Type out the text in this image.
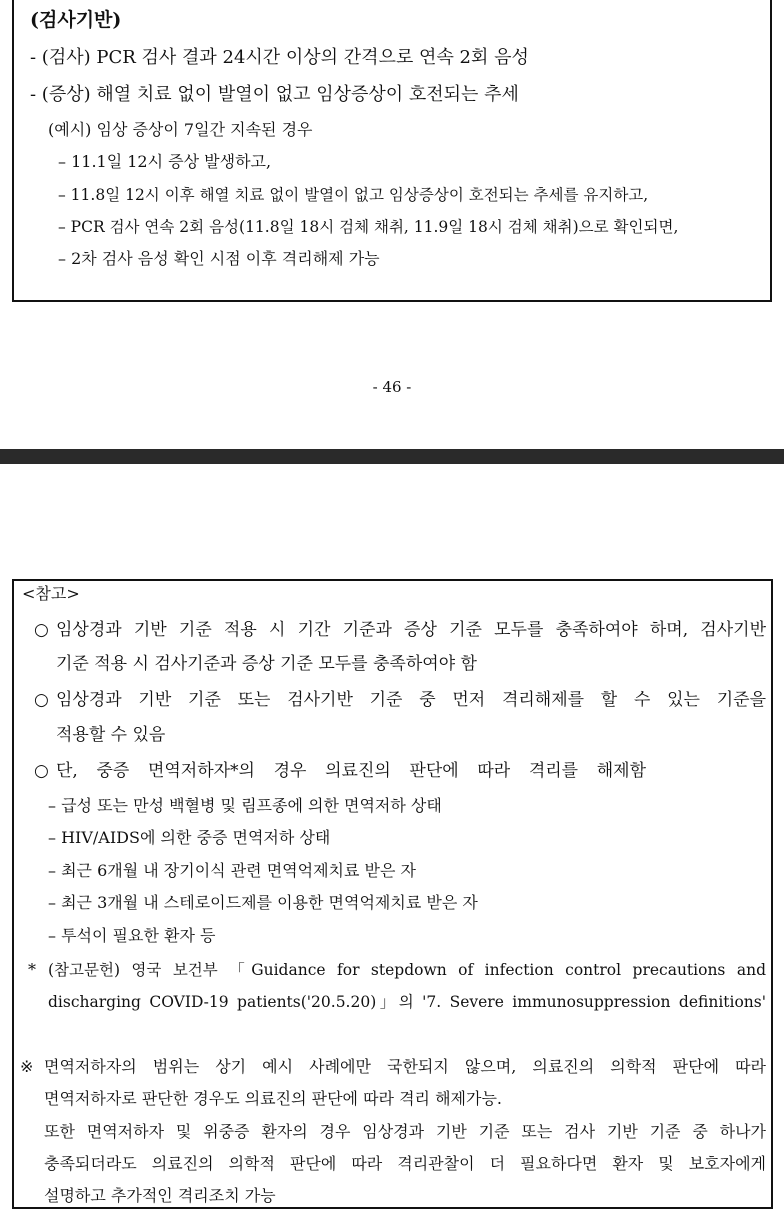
(검사기반)
- (검사) PCR 검사 결과 24시간 이상의 간격으로 연속 2회 음성
- (증상) 해열 치료 없이 발열이 없고 임상증상이 호전되는 추세
(예시) 임상 증상이 7일간 지속된 경우
– 11.1일 12시 증상 발생하고,
– 11.8일 12시 이후 해열 치료 없이 발열이 없고 임상증상이 호전되는 추세를 유지하고,
– PCR 검사 연속 2회 음성(11.8일 18시 검체 채취, 11.9일 18시 검체 채취)으로 확인되면,
– 2차 검사 음성 확인 시점 이후 격리해제 가능
- 46 -
<참고>
○ 임상경과 기반 기준 적용 시 기간 기준과 증상 기준 모두를 충족하여야 하며, 검사기반
기준 적용 시 검사기준과 증상 기준 모두를 충족하여야 함
○ 임상경과 기반 기준 또는 검사기반 기준 중 먼저 격리해제를 할 수 있는 기준을
적용할 수 있음
○ 단, 중증 면역저하자*의 경우 의료진의 판단에 따라 격리를 해제함
– 급성 또는 만성 백혈병 및 림프종에 의한 면역저하 상태
– HIV/AIDS에 의한 중증 면역저하 상태
– 최근 6개월 내 장기이식 관련 면역억제치료 받은 자
– 최근 3개월 내 스테로이드제를 이용한 면역억제치료 받은 자
– 투석이 필요한 환자 등
* (참고문헌) 영국 보건부 「Guidance for stepdown of infection control precautions and
discharging COVID-19 patients('20.5.20)」의 '7. Severe immunosuppression definitions'
※ 면역저하자의 범위는 상기 예시 사례에만 국한되지 않으며, 의료진의 의학적 판단에 따라
면역저하자로 판단한 경우도 의료진의 판단에 따라 격리 해제가능.
또한 면역저하자 및 위중증 환자의 경우 임상경과 기반 기준 또는 검사 기반 기준 중 하나가
충족되더라도 의료진의 의학적 판단에 따라 격리관찰이 더 필요하다면 환자 및 보호자에게
설명하고 추가적인 격리조치 가능
